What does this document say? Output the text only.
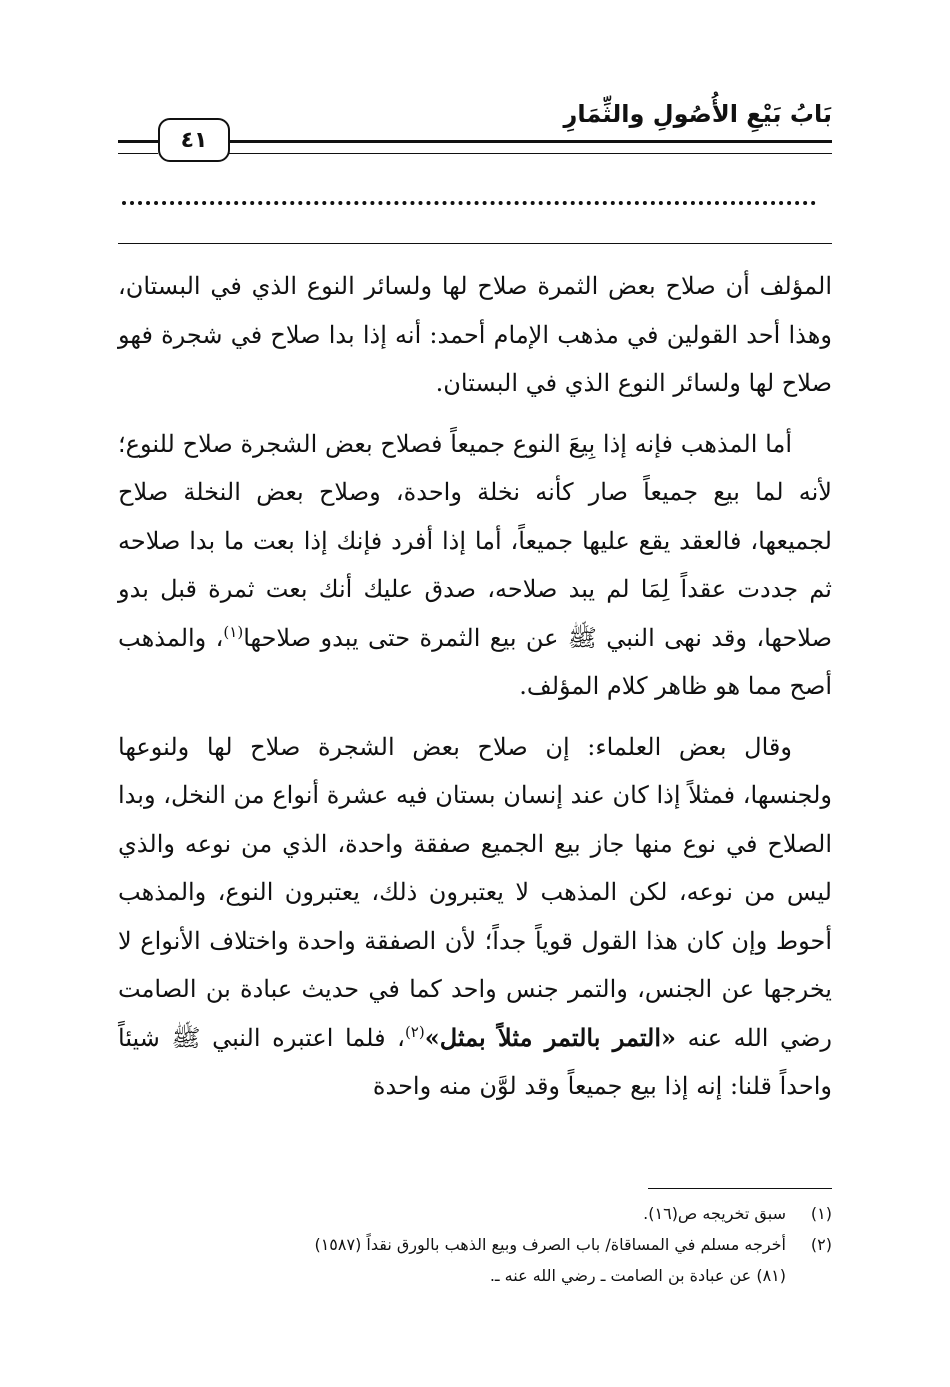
بَابُ بَيْعِ الأُصُولِ والثِّمَارِ
٤١

المؤلف أن صلاح بعض الثمرة صلاح لها ولسائر النوع الذي في البستان، وهذا أحد القولين في مذهب الإمام أحمد: أنه إذا بدا صلاح في شجرة فهو صلاح لها ولسائر النوع الذي في البستان.

أما المذهب فإنه إذا بِيعَ النوع جميعاً فصلاح بعض الشجرة صلاح للنوع؛ لأنه لما بيع جميعاً صار كأنه نخلة واحدة، وصلاح بعض النخلة صلاح لجميعها، فالعقد يقع عليها جميعاً، أما إذا أفرد فإنك إذا بعت ما بدا صلاحه ثم جددت عقداً لِمَا لم يبد صلاحه، صدق عليك أنك بعت ثمرة قبل بدو صلاحها، وقد نهى النبي ﷺ عن بيع الثمرة حتى يبدو صلاحها$^{(١)}$، والمذهب أصح مما هو ظاهر كلام المؤلف.

وقال بعض العلماء: إن صلاح بعض الشجرة صلاح لها ولنوعها ولجنسها، فمثلاً إذا كان عند إنسان بستان فيه عشرة أنواع من النخل، وبدا الصلاح في نوع منها جاز بيع الجميع صفقة واحدة، الذي من نوعه والذي ليس من نوعه، لكن المذهب لا يعتبرون ذلك، يعتبرون النوع، والمذهب أحوط وإن كان هذا القول قوياً جداً؛ لأن الصفقة واحدة واختلاف الأنواع لا يخرجها عن الجنس، والتمر جنس واحد كما في حديث عبادة بن الصامت رضي الله عنه «التمر بالتمر مثلاً بمثل»$^{(٢)}$، فلما اعتبره النبي ﷺ شيئاً واحداً قلنا: إنه إذا بيع جميعاً وقد لوَّن منه واحدة

(١)
سبق تخريجه ص(١٦).
(٢)
أخرجه مسلم في المساقاة/ باب الصرف وبيع الذهب بالورق نقداً (١٥٨٧)
(٨١) عن عبادة بن الصامت ـ رضي الله عنه ـ.
